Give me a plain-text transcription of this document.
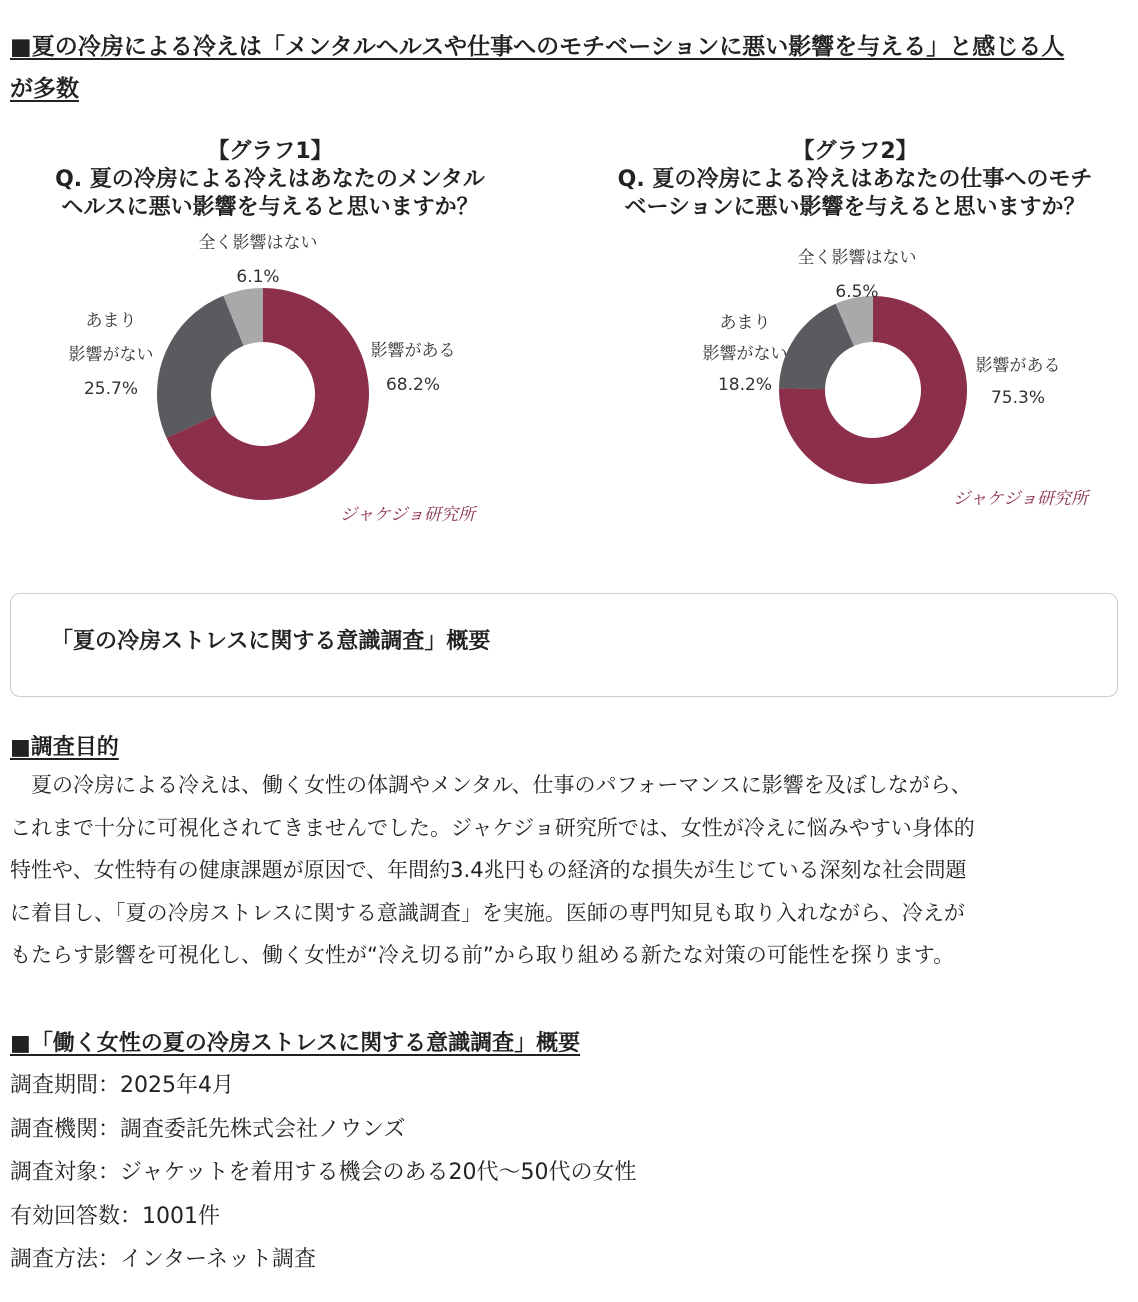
■夏の冷房による冷えは「メンタルヘルスや仕事へのモチベーションに悪い影響を与える」と感じる人
が多数
【グラフ1】
Q. 夏の冷房による冷えはあなたのメンタル
ヘルスに悪い影響を与えると思いますか？
全く影響はない
6.1%
あまり
影響がない
25.7%
影響がある
68.2%
ジャケジョ研究所
【グラフ2】
Q. 夏の冷房による冷えはあなたの仕事へのモチ
ベーションに悪い影響を与えると思いますか？
全く影響はない
6.5%
あまり
影響がない
18.2%
影響がある
75.3%
ジャケジョ研究所
「夏の冷房ストレスに関する意識調査」概要
■調査目的
　夏の冷房による冷えは、働く女性の体調やメンタル、仕事のパフォーマンスに影響を及ぼしながら、
これまで十分に可視化されてきませんでした。ジャケジョ研究所では、女性が冷えに悩みやすい身体的
特性や、女性特有の健康課題が原因で、年間約3.4兆円もの経済的な損失が生じている深刻な社会問題
に着目し、「夏の冷房ストレスに関する意識調査」を実施。医師の専門知見も取り入れながら、冷えが
もたらす影響を可視化し、働く女性が“冷え切る前”から取り組める新たな対策の可能性を探ります。
■「働く女性の夏の冷房ストレスに関する意識調査」概要
調査期間：2025年4月
調査機関：調査委託先株式会社ノウンズ
調査対象：ジャケットを着用する機会のある20代〜50代の女性
有効回答数：1001件
調査方法：インターネット調査
